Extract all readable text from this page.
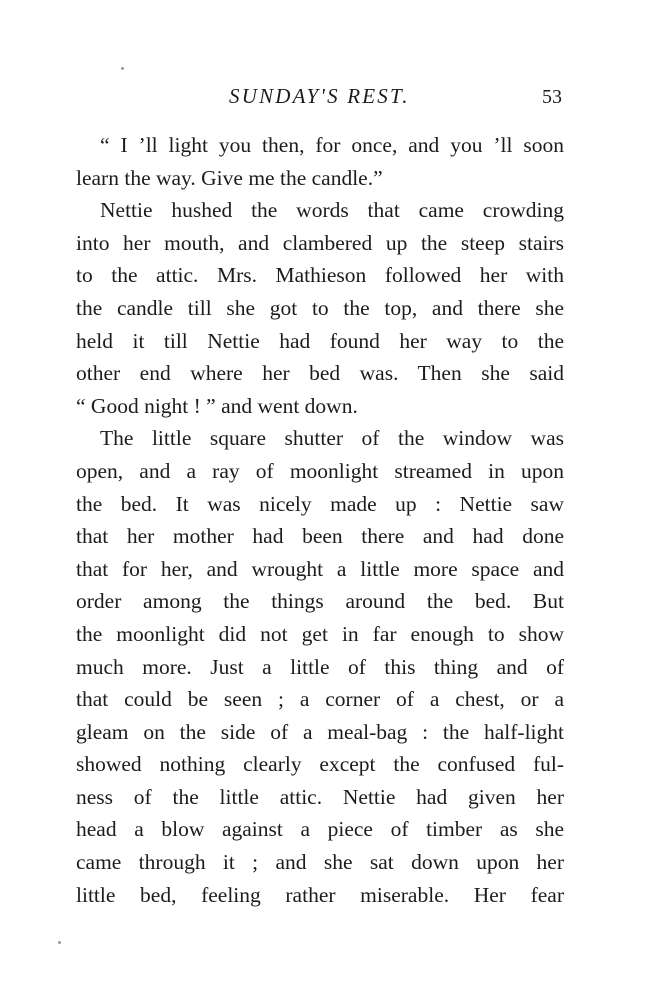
SUNDAY'S REST.	53
“ I ’ll light you then, for once, and you ’ll soon
learn the way. Give me the candle.”
Nettie hushed the words that came crowding
into her mouth, and clambered up the steep stairs
to the attic. Mrs. Mathieson followed her with
the candle till she got to the top, and there she
held it till Nettie had found her way to the
other end where her bed was. Then she said
“ Good night ! ” and went down.
The little square shutter of the window was
open, and a ray of moonlight streamed in upon
the bed. It was nicely made up : Nettie saw
that her mother had been there and had done
that for her, and wrought a little more space and
order among the things around the bed. But
the moonlight did not get in far enough to show
much more. Just a little of this thing and of
that could be seen ; a corner of a chest, or a
gleam on the side of a meal-bag : the half-light
showed nothing clearly except the confused ful-
ness of the little attic. Nettie had given her
head a blow against a piece of timber as she
came through it ; and she sat down upon her
little bed, feeling rather miserable. Her fear
